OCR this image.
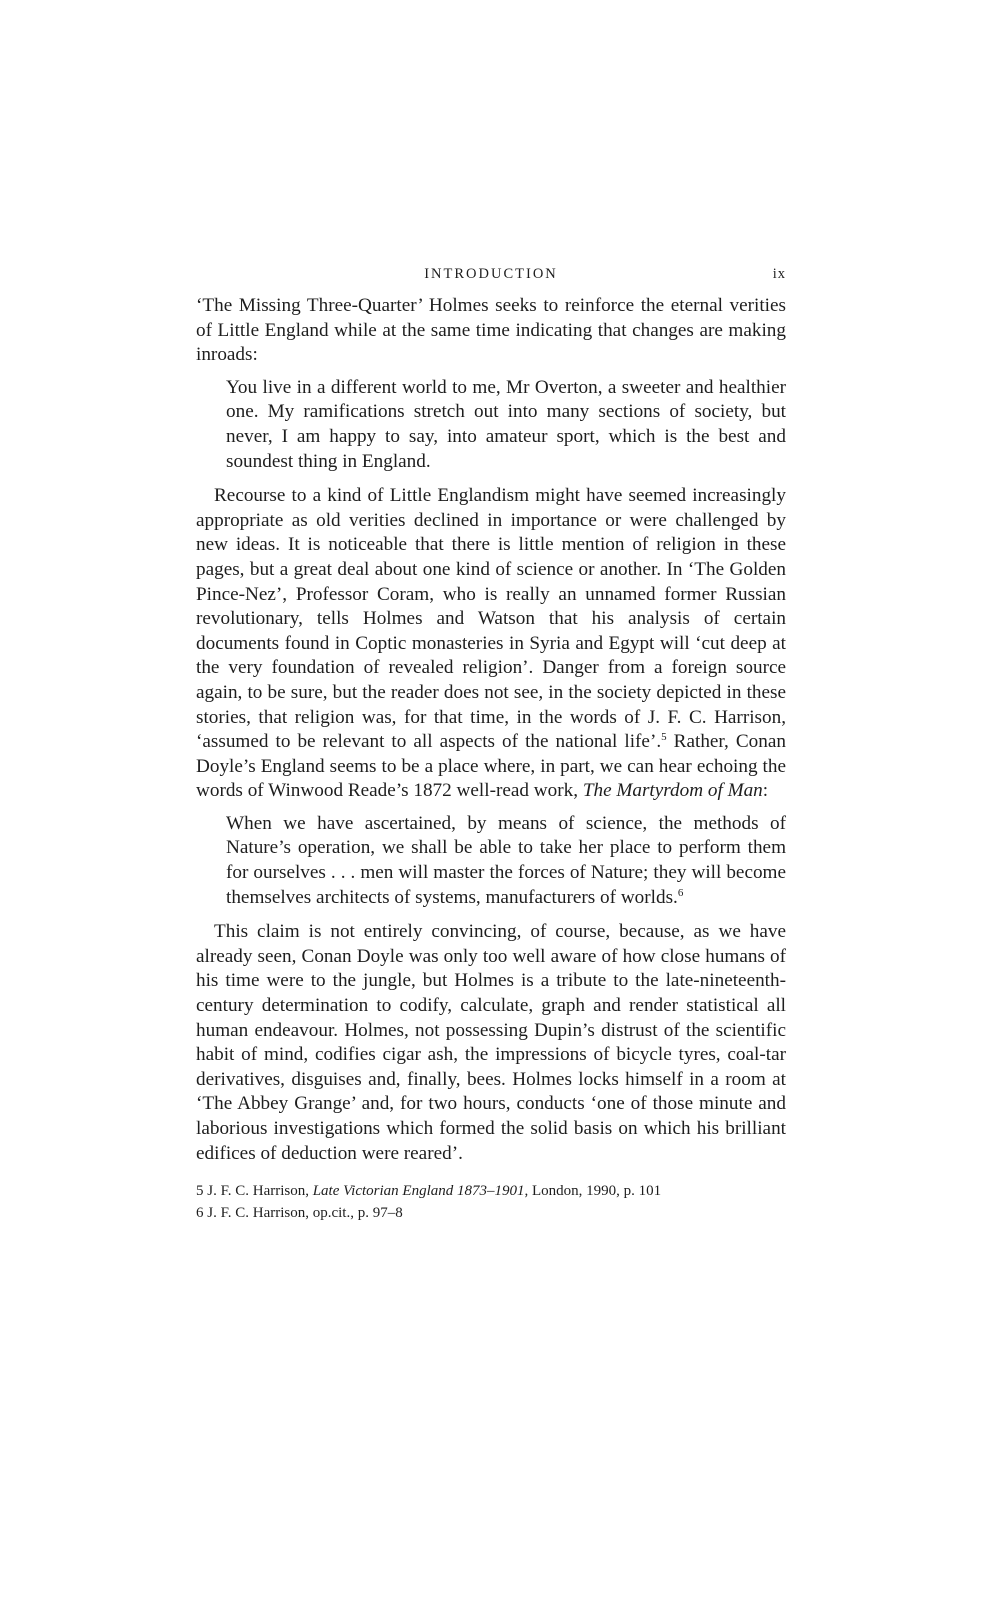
INTRODUCTION	ix

‘The Missing Three-Quarter’ Holmes seeks to reinforce the eternal verities of Little England while at the same time indicating that changes are making inroads:

You live in a different world to me, Mr Overton, a sweeter and healthier one. My ramifications stretch out into many sections of society, but never, I am happy to say, into amateur sport, which is the best and soundest thing in England.

Recourse to a kind of Little Englandism might have seemed increasingly appropriate as old verities declined in importance or were challenged by new ideas. It is noticeable that there is little mention of religion in these pages, but a great deal about one kind of science or another. In ‘The Golden Pince-Nez’, Professor Coram, who is really an unnamed former Russian revolutionary, tells Holmes and Watson that his analysis of certain documents found in Coptic monasteries in Syria and Egypt will ‘cut deep at the very foundation of revealed religion’. Danger from a foreign source again, to be sure, but the reader does not see, in the society depicted in these stories, that religion was, for that time, in the words of J. F. C. Harrison, ‘assumed to be relevant to all aspects of the national life’.$^5$ Rather, Conan Doyle’s England seems to be a place where, in part, we can hear echoing the words of Winwood Reade’s 1872 well-read work, The Martyrdom of Man:

When we have ascertained, by means of science, the methods of Nature’s operation, we shall be able to take her place to perform them for ourselves . . . men will master the forces of Nature; they will become themselves architects of systems, manufacturers of worlds.$^6$

This claim is not entirely convincing, of course, because, as we have already seen, Conan Doyle was only too well aware of how close humans of his time were to the jungle, but Holmes is a tribute to the late-nineteenth-century determination to codify, calculate, graph and render statistical all human endeavour. Holmes, not possessing Dupin’s distrust of the scientific habit of mind, codifies cigar ash, the impressions of bicycle tyres, coal-tar derivatives, disguises and, finally, bees. Holmes locks himself in a room at ‘The Abbey Grange’ and, for two hours, conducts ‘one of those minute and laborious investigations which formed the solid basis on which his brilliant edifices of deduction were reared’.

5 J. F. C. Harrison, Late Victorian England 1873–1901, London, 1990, p. 101

6 J. F. C. Harrison, op.cit., p. 97–8
